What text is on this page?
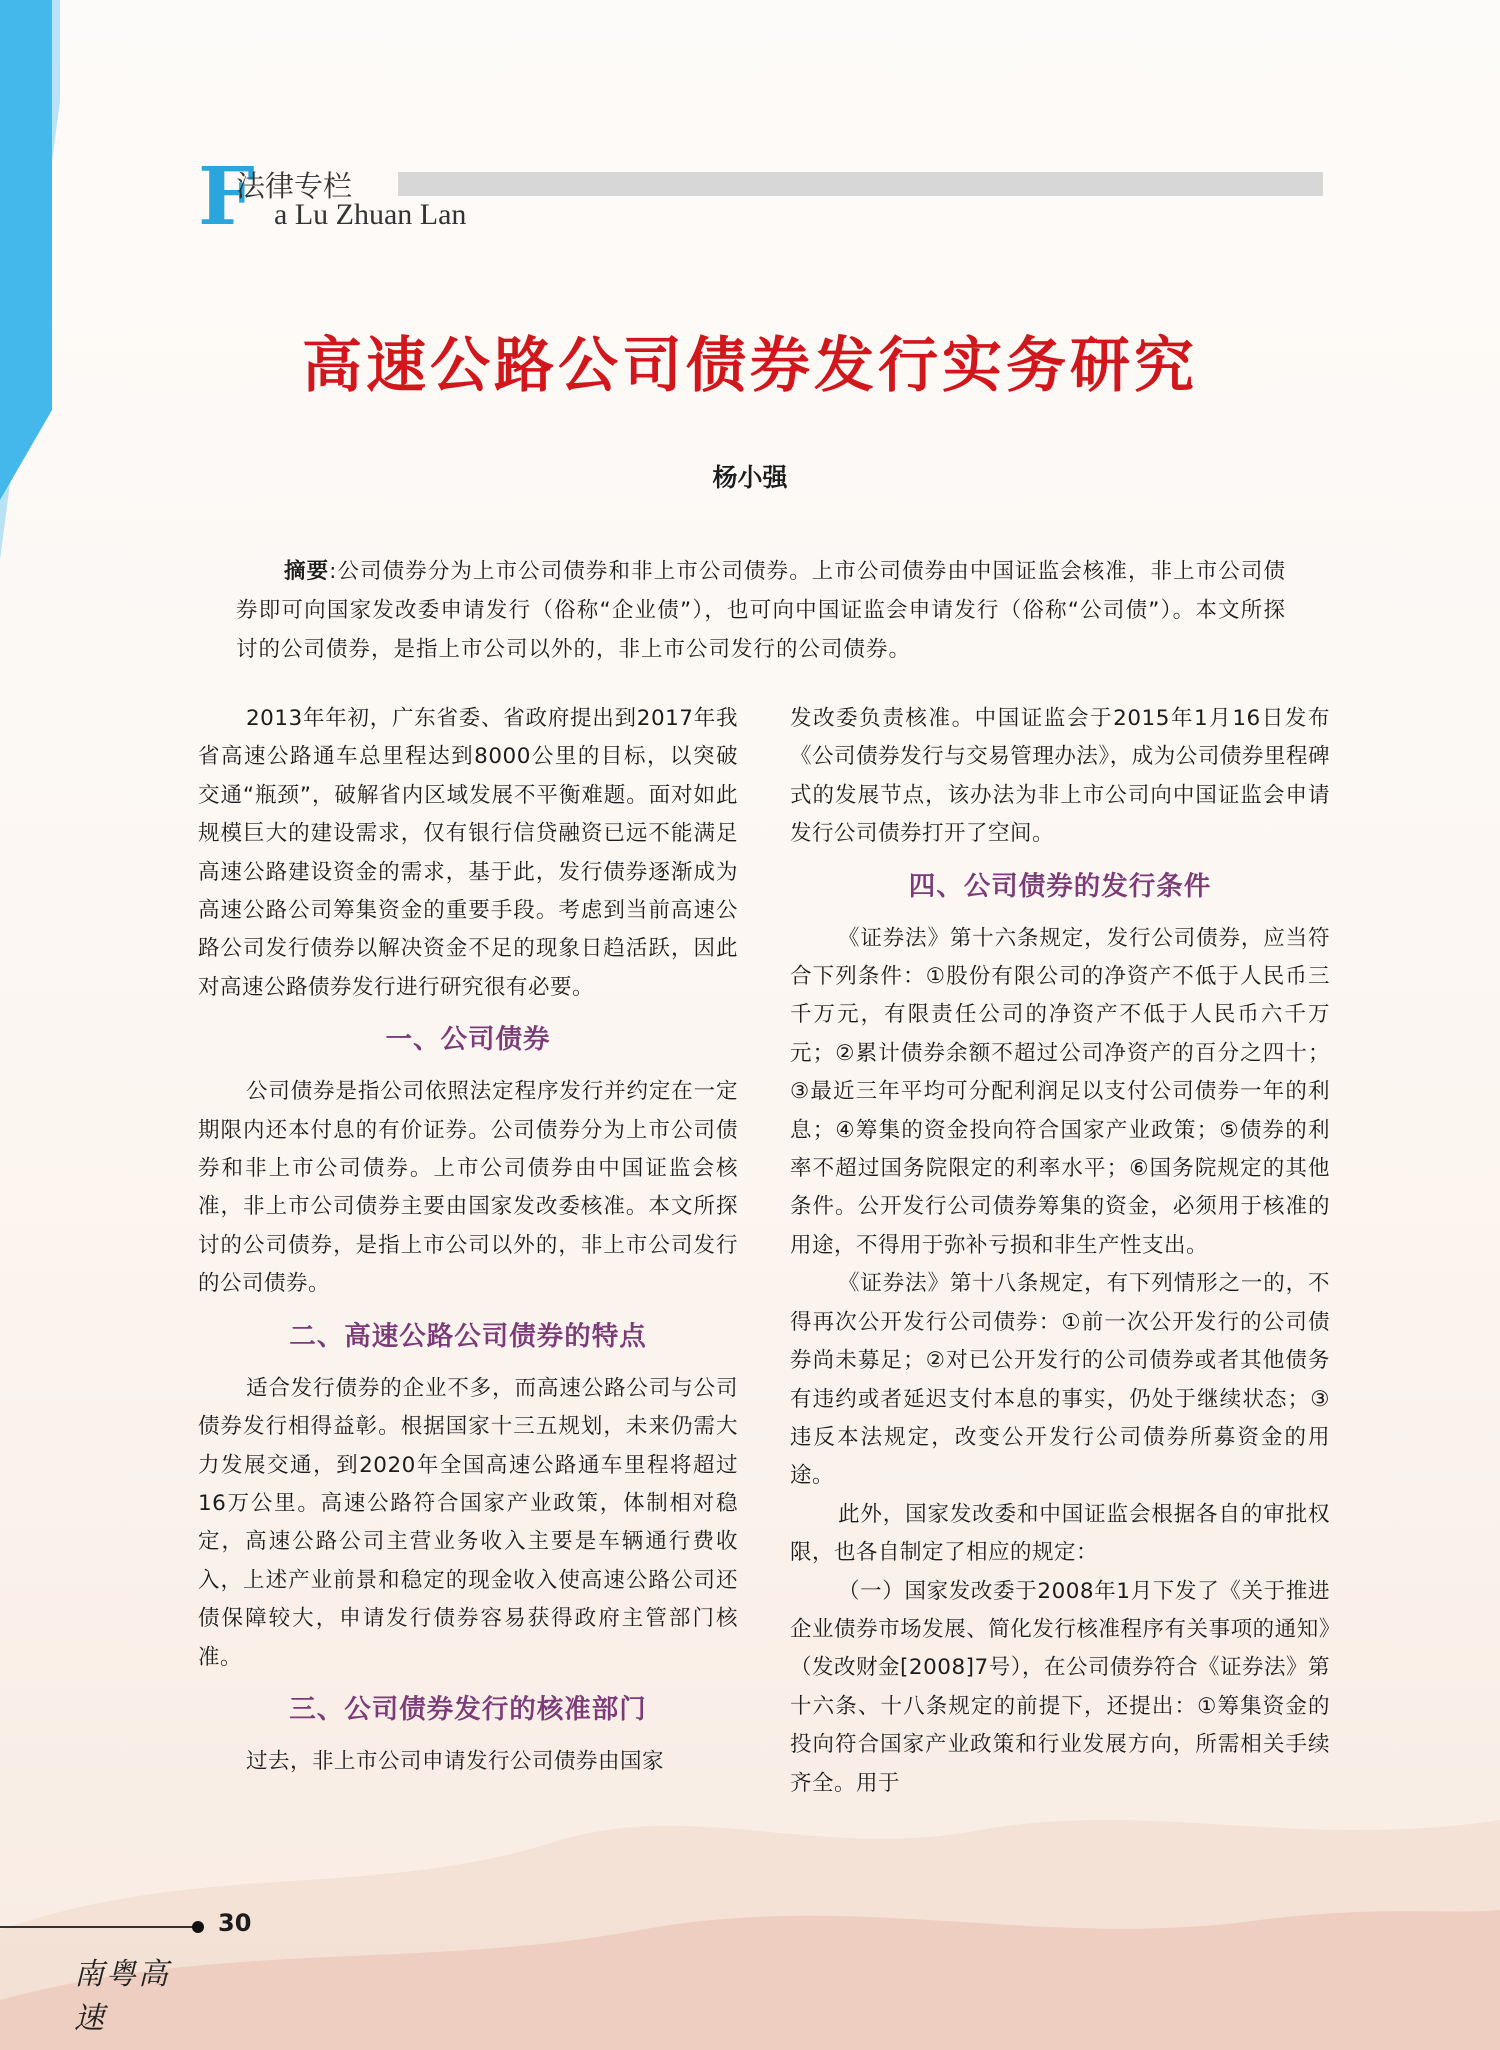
F
法律专栏
a Lu Zhuan Lan
高速公路公司债券发行实务研究
杨小强

摘要:公司债券分为上市公司债券和非上市公司债券。上市公司债券由中国证监会核准，非上市公司债券即可向国家发改委申请发行（俗称“企业债”），也可向中国证监会申请发行（俗称“公司债”）。本文所探讨的公司债券，是指上市公司以外的，非上市公司发行的公司债券。

2013年年初，广东省委、省政府提出到2017年我省高速公路通车总里程达到8000公里的目标，以突破交通“瓶颈”，破解省内区域发展不平衡难题。面对如此规模巨大的建设需求，仅有银行信贷融资已远不能满足高速公路建设资金的需求，基于此，发行债券逐渐成为高速公路公司筹集资金的重要手段。考虑到当前高速公路公司发行债券以解决资金不足的现象日趋活跃，因此对高速公路债券发行进行研究很有必要。

一、公司债券

公司债券是指公司依照法定程序发行并约定在一定期限内还本付息的有价证券。公司债券分为上市公司债券和非上市公司债券。上市公司债券由中国证监会核准，非上市公司债券主要由国家发改委核准。本文所探讨的公司债券，是指上市公司以外的，非上市公司发行的公司债券。

二、高速公路公司债券的特点

适合发行债券的企业不多，而高速公路公司与公司债券发行相得益彰。根据国家十三五规划，未来仍需大力发展交通，到2020年全国高速公路通车里程将超过16万公里。高速公路符合国家产业政策，体制相对稳定，高速公路公司主营业务收入主要是车辆通行费收入，上述产业前景和稳定的现金收入使高速公路公司还债保障较大，申请发行债券容易获得政府主管部门核准。

三、公司债券发行的核准部门

过去，非上市公司申请发行公司债券由国家

发改委负责核准。中国证监会于2015年1月16日发布《公司债券发行与交易管理办法》，成为公司债券里程碑式的发展节点，该办法为非上市公司向中国证监会申请发行公司债券打开了空间。

四、公司债券的发行条件

《证券法》第十六条规定，发行公司债券，应当符合下列条件：①股份有限公司的净资产不低于人民币三千万元，有限责任公司的净资产不低于人民币六千万元；②累计债券余额不超过公司净资产的百分之四十；③最近三年平均可分配利润足以支付公司债券一年的利息；④筹集的资金投向符合国家产业政策；⑤债券的利率不超过国务院限定的利率水平；⑥国务院规定的其他条件。公开发行公司债券筹集的资金，必须用于核准的用途，不得用于弥补亏损和非生产性支出。

《证券法》第十八条规定，有下列情形之一的，不得再次公开发行公司债券：①前一次公开发行的公司债券尚未募足；②对已公开发行的公司债券或者其他债务有违约或者延迟支付本息的事实，仍处于继续状态；③违反本法规定，改变公开发行公司债券所募资金的用途。

此外，国家发改委和中国证监会根据各自的审批权限，也各自制定了相应的规定：

（一）国家发改委于2008年1月下发了《关于推进企业债券市场发展、简化发行核准程序有关事项的通知》（发改财金[2008]7号），在公司债券符合《证券法》第十六条、十八条规定的前提下，还提出：①筹集资金的投向符合国家产业政策和行业发展方向，所需相关手续齐全。用于

30
南粤高速
